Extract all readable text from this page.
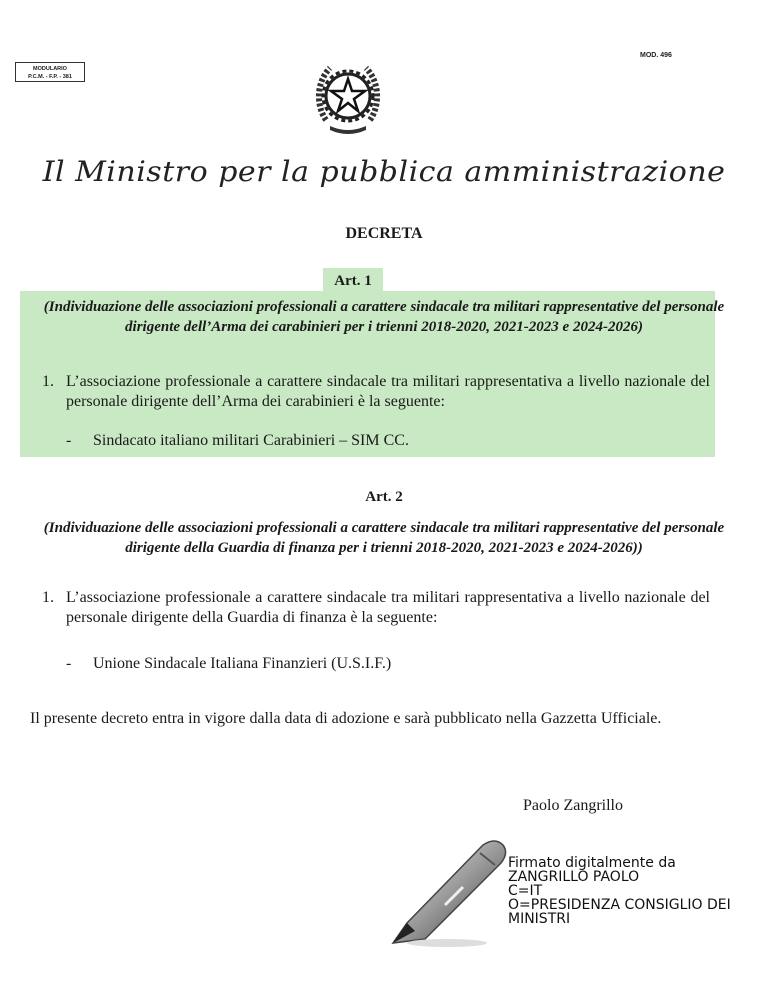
MODULARIO
P.C.M. - F.P. - 381
MOD. 496
Il Ministro per la pubblica amministrazione
DECRETA
Art. 1
(Individuazione delle associazioni professionali a carattere sindacale tra militari rappresentative del personale dirigente dell’Arma dei carabinieri per i trienni 2018-2020, 2021-2023 e 2024-2026)
1. L’associazione professionale a carattere sindacale tra militari rappresentativa a livello nazionale del personale dirigente dell’Arma dei carabinieri è la seguente:
- Sindacato italiano militari Carabinieri – SIM CC.
Art. 2
(Individuazione delle associazioni professionali a carattere sindacale tra militari rappresentative del personale dirigente della Guardia di finanza per i trienni 2018-2020, 2021-2023 e 2024-2026))
1. L’associazione professionale a carattere sindacale tra militari rappresentativa a livello nazionale del personale dirigente della Guardia di finanza è la seguente:
- Unione Sindacale Italiana Finanzieri (U.S.I.F.)
Il presente decreto entra in vigore dalla data di adozione e sarà pubblicato nella Gazzetta Ufficiale.
Paolo Zangrillo
Firmato digitalmente da
ZANGRILLO PAOLO
C=IT
O=PRESIDENZA CONSIGLIO DEI
MINISTRI
